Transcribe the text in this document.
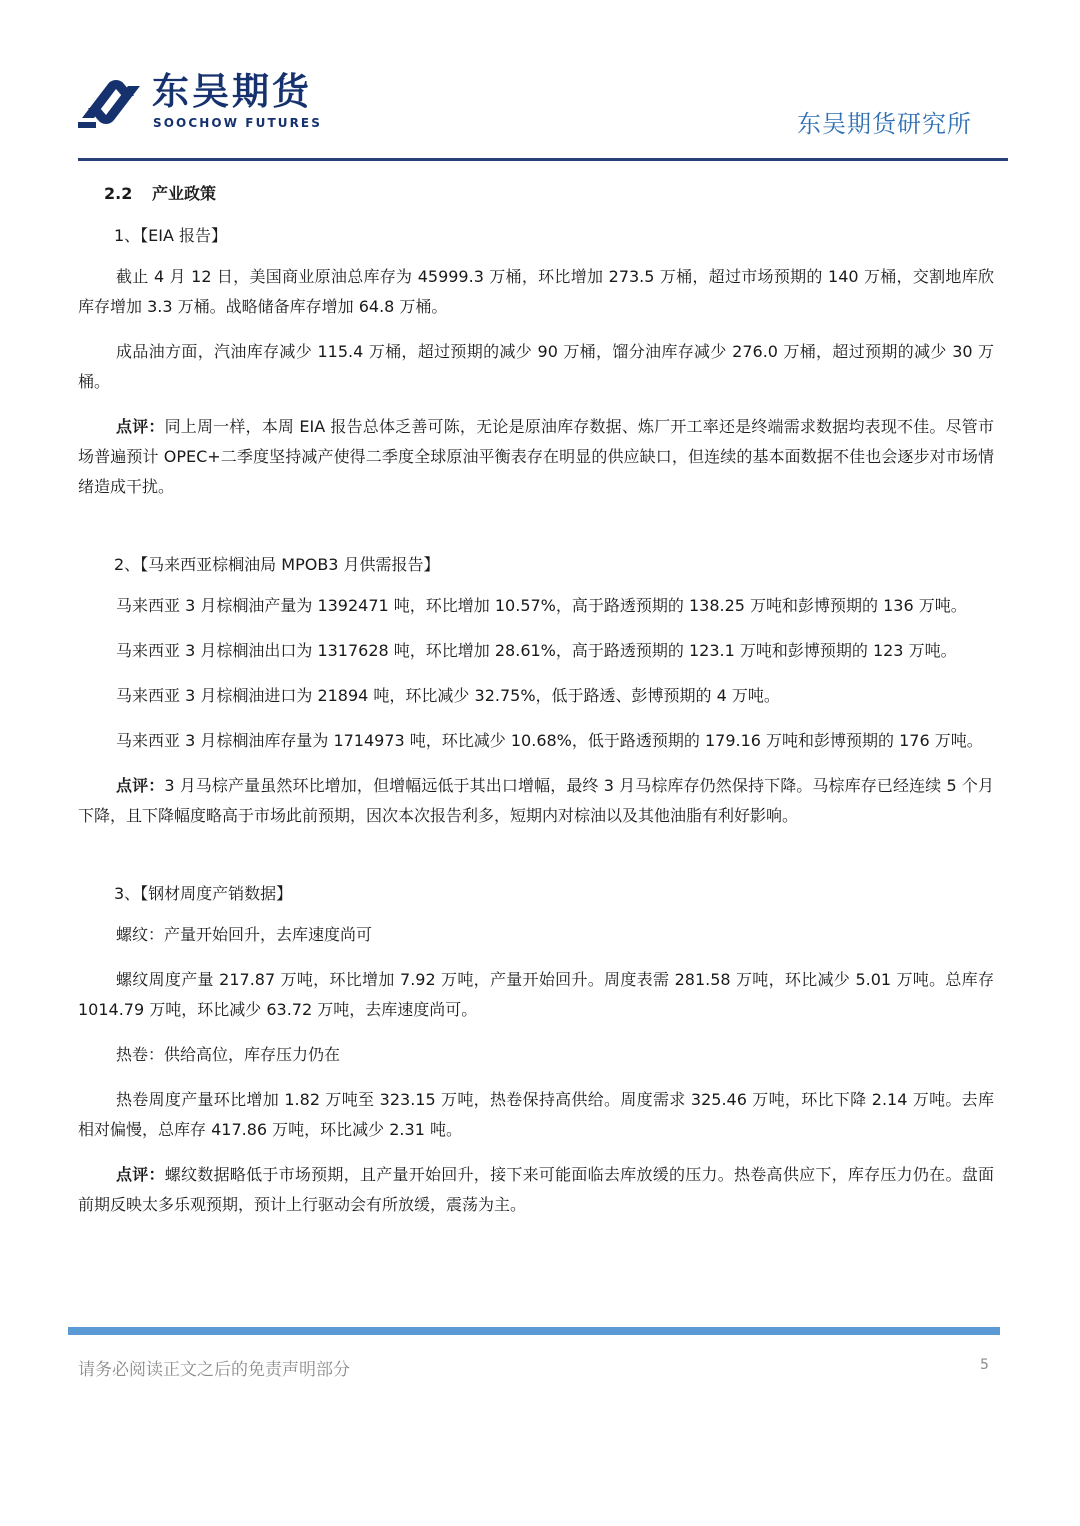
东吴期货
SOOCHOW FUTURES	东吴期货研究所
2.2 产业政策
1、【EIA 报告】

截止 4 月 12 日，美国商业原油总库存为 45999.3 万桶，环比增加 273.5 万桶，超过市场预期的 140 万桶，交割地库欣库存增加 3.3 万桶。战略储备库存增加 64.8 万桶。

成品油方面，汽油库存减少 115.4 万桶，超过预期的减少 90 万桶，馏分油库存减少 276.0 万桶，超过预期的减少 30 万桶。

点评：同上周一样，本周 EIA 报告总体乏善可陈，无论是原油库存数据、炼厂开工率还是终端需求数据均表现不佳。尽管市场普遍预计 OPEC+二季度坚持减产使得二季度全球原油平衡表存在明显的供应缺口，但连续的基本面数据不佳也会逐步对市场情绪造成干扰。

2、【马来西亚棕榈油局 MPOB3 月供需报告】

马来西亚 3 月棕榈油产量为 1392471 吨，环比增加 10.57%，高于路透预期的 138.25 万吨和彭博预期的 136 万吨。

马来西亚 3 月棕榈油出口为 1317628 吨，环比增加 28.61%，高于路透预期的 123.1 万吨和彭博预期的 123 万吨。

马来西亚 3 月棕榈油进口为 21894 吨，环比减少 32.75%，低于路透、彭博预期的 4 万吨。

马来西亚 3 月棕榈油库存量为 1714973 吨，环比减少 10.68%，低于路透预期的 179.16 万吨和彭博预期的 176 万吨。

点评：3 月马棕产量虽然环比增加，但增幅远低于其出口增幅，最终 3 月马棕库存仍然保持下降。马棕库存已经连续 5 个月下降，且下降幅度略高于市场此前预期，因次本次报告利多，短期内对棕油以及其他油脂有利好影响。

3、【钢材周度产销数据】

螺纹：产量开始回升，去库速度尚可

螺纹周度产量 217.87 万吨，环比增加 7.92 万吨，产量开始回升。周度表需 281.58 万吨，环比减少 5.01 万吨。总库存 1014.79 万吨，环比减少 63.72 万吨，去库速度尚可。

热卷：供给高位，库存压力仍在

热卷周度产量环比增加 1.82 万吨至 323.15 万吨，热卷保持高供给。周度需求 325.46 万吨，环比下降 2.14 万吨。去库相对偏慢，总库存 417.86 万吨，环比减少 2.31 吨。

点评：螺纹数据略低于市场预期，且产量开始回升，接下来可能面临去库放缓的压力。热卷高供应下，库存压力仍在。盘面前期反映太多乐观预期，预计上行驱动会有所放缓，震荡为主。

请务必阅读正文之后的免责声明部分	5
